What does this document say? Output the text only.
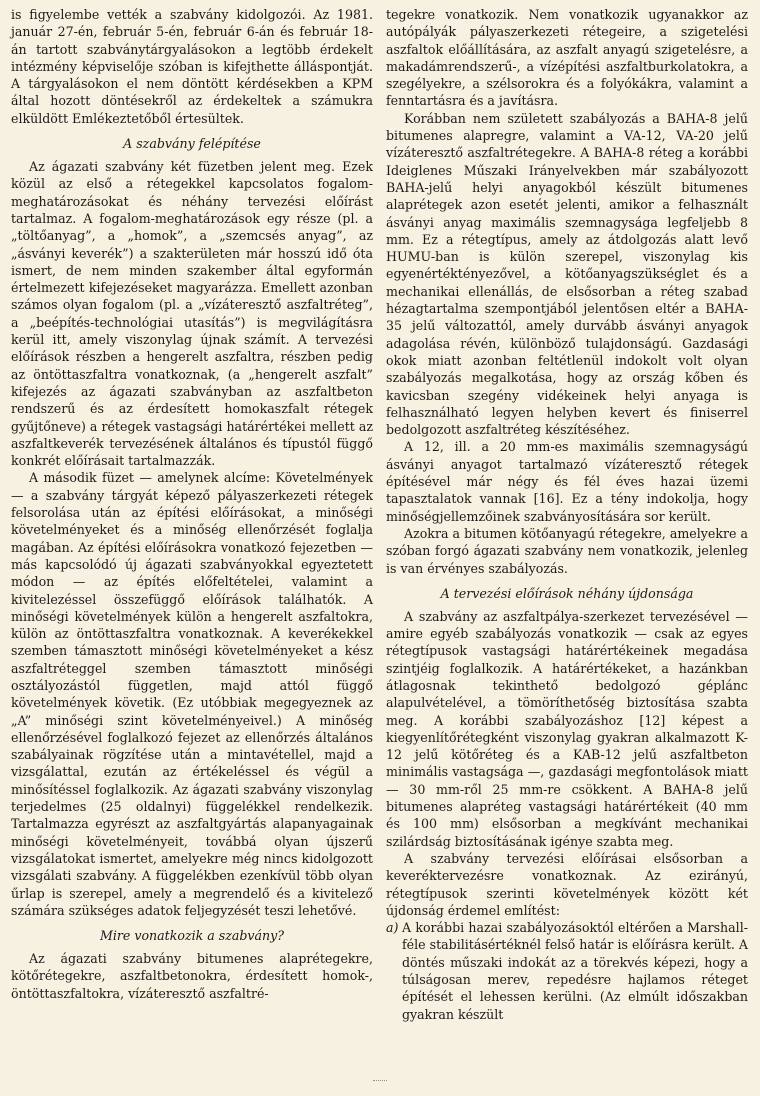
is figyelembe vették a szabvány kidolgozói. Az 1981. január 27-én, február 5-én, február 6-án és február 18-án tartott szabványtárgyalásokon a legtöbb érdekelt intézmény képviselője szóban is kifejthette álláspontját. A tárgyalásokon el nem döntött kérdésekben a KPM által hozott döntésekről az érdekeltek a számukra elküldött Emlékeztetőből értesültek.

A szabvány felépítése

Az ágazati szabvány két füzetben jelent meg. Ezek közül az első a rétegekkel kapcsolatos fogalom- meghatározásokat és néhány tervezési előírást tartalmaz. A fogalom-meghatározások egy része (pl. a „töltőanyag”, a „homok”, a „szemcsés anyag”, az „ásványi keverék”) a szakterületen már hosszú idő óta ismert, de nem minden szakember által egyformán értelmezett kifejezéseket magyarázza. Emellett azonban számos olyan fogalom (pl. a „vízáteresztő aszfaltréteg”, a „beépítés-technológiai utasítás”) is megvilágításra kerül itt, amely viszonylag újnak számít. A tervezési előírások részben a hengerelt aszfaltra, részben pedig az öntöttaszfaltra vonatkoznak, (a „hengerelt aszfalt” kifejezés az ágazati szabványban az aszfaltbeton rendszerű és az érdesített homokaszfalt rétegek gyűjtőneve) a rétegek vastagsági határértékei mellett az aszfaltkeverék tervezésének általános és típustól függő konkrét előírásait tartalmazzák.

A második füzet — amelynek alcíme: Követelmények — a szabvány tárgyát képező pályaszerkezeti rétegek felsorolása után az építési előírásokat, a minőségi követelményeket és a minőség ellenőrzését foglalja magában. Az építési előírásokra vonatkozó fejezetben — más kapcsolódó új ágazati szabványokkal egyeztetett módon — az építés előfeltételei, valamint a kivitelezéssel összefüggő előírások találhatók. A minőségi követelmények külön a hengerelt aszfaltokra, külön az öntöttaszfaltra vonatkoznak. A keverékekkel szemben támasztott minőségi követelményeket a kész aszfaltréteggel szemben támasztott minőségi osztályozástól független, majd attól függő követelmények követik. (Ez utóbbiak megegyeznek az „A” minőségi szint követelményeivel.) A minőség ellenőrzésével foglalkozó fejezet az ellenőrzés általános szabályainak rögzítése után a mintavétellel, majd a vizsgálattal, ezután az értékeléssel és végül a minősítéssel foglalkozik. Az ágazati szabvány viszonylag terjedelmes (25 oldalnyi) függelékkel rendelkezik. Tartalmazza egyrészt az aszfaltgyártás alapanyagainak minőségi követelményeit, továbbá olyan újszerű vizsgálatokat ismertet, amelyekre még nincs kidolgozott vizsgálati szabvány. A függelékben ezenkívül több olyan űrlap is szerepel, amely a megrendelő és a kivitelező számára szükséges adatok feljegyzését teszi lehetővé.

Mire vonatkozik a szabvány?

Az ágazati szabvány bitumenes alaprétegekre, kötőrétegekre, aszfaltbetonokra, érdesített homok-, öntöttaszfaltokra, vízáteresztő aszfaltré-

tegekre vonatkozik. Nem vonatkozik ugyanakkor az autópályák pályaszerkezeti rétegeire, a szigetelési aszfaltok előállítására, az aszfalt anyagú szigetelésre, a makadámrendszerű-, a vízépítési aszfaltburkolatokra, a szegélyekre, a szélsorokra és a folyókákra, valamint a fenntartásra és a javításra.

Korábban nem született szabályozás a BAHA-8 jelű bitumenes alapregre, valamint a VA-12, VA-20 jelű vízáteresztő aszfaltrétegekre. A BAHA-8 réteg a korábbi Ideiglenes Műszaki Irányelvekben már szabályozott BAHA-jelű helyi anyagokból készült bitumenes alaprétegek azon esetét jelenti, amikor a felhasznált ásványi anyag maximális szemnagysága legfeljebb 8 mm. Ez a rétegtípus, amely az átdolgozás alatt levő HUMU-ban is külön szerepel, viszonylag kis egyenértéktényezővel, a kötőanyagszükséglet és a mechanikai ellenállás, de elsősorban a réteg szabad hézagtartalma szempontjából jelentősen eltér a BAHA-35 jelű változattól, amely durvább ásványi anyagok adagolása révén, különböző tulajdonságú. Gazdasági okok miatt azonban feltétlenül indokolt volt olyan szabályozás megalkotása, hogy az ország kőben és kavicsban szegény vidékeinek helyi anyaga is felhasználható legyen helyben kevert és finiserrel bedolgozott aszfaltréteg készítéséhez.

A 12, ill. a 20 mm-es maximális szemnagyságú ásványi anyagot tartalmazó vízáteresztő rétegek építésével már négy és fél éves hazai üzemi tapasztalatok vannak [16]. Ez a tény indokolja, hogy minőségjellemzőinek szabványosítására sor került.

Azokra a bitumen kötőanyagú rétegekre, amelyekre a szóban forgó ágazati szabvány nem vonatkozik, jelenleg is van érvényes szabályozás.

A tervezési előírások néhány újdonsága

A szabvány az aszfaltpálya-szerkezet tervezésével — amire egyéb szabályozás vonatkozik — csak az egyes rétegtípusok vastagsági határértékeinek megadása szintjéig foglalkozik. A határértékeket, a hazánkban átlagosnak tekinthető bedolgozó géplánc alapulvételével, a tömöríthetőség biztosítása szabta meg. A korábbi szabályozáshoz [12] képest a kiegyenlítőrétegként viszonylag gyakran alkalmazott K-12 jelű kötőréteg és a KAB-12 jelű aszfaltbeton minimális vastagsága —, gazdasági megfontolások miatt — 30 mm-ről 25 mm-re csökkent. A BAHA-8 jelű bitumenes alapréteg vastagsági határértékeit (40 mm és 100 mm) elsősorban a megkívánt mechanikai szilárdság biztosításának igénye szabta meg.

A szabvány tervezési előírásai elsősorban a keveréktervezésre vonatkoznak. Az ezirányú, rétegtípusok szerinti követelmények között két újdonság érdemel említést:

a) A korábbi hazai szabályozásoktól eltérően a Marshall-féle stabilitásértéknél felső határ is előírásra került. A döntés műszaki indokát az a törekvés képezi, hogy a túlságosan merev, repedésre hajlamos réteget építését el lehessen kerülni. (Az elmúlt időszakban gyakran készült
